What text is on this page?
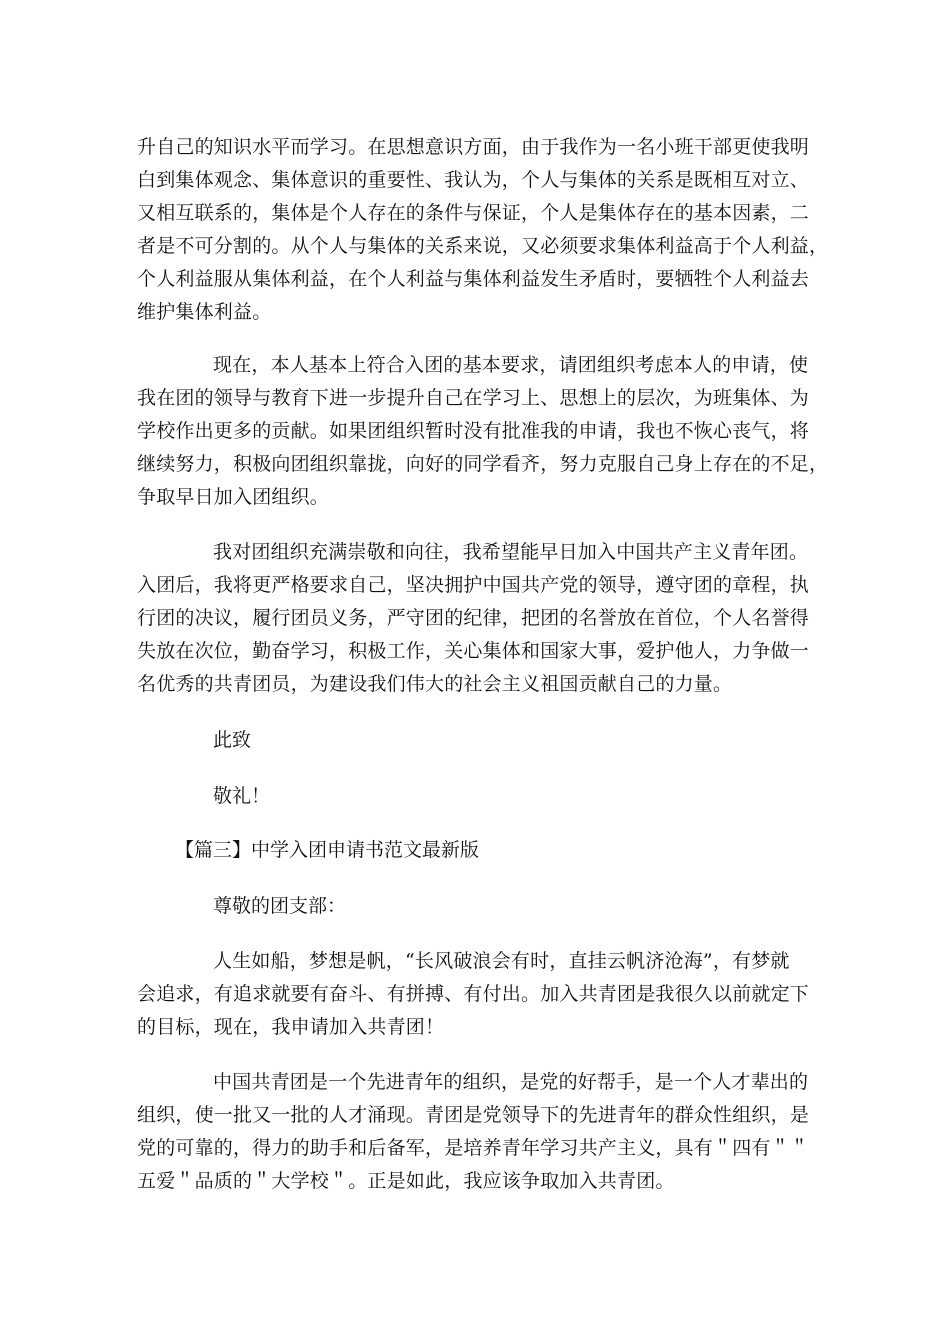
升自己的知识水平而学习。在思想意识方面，由于我作为一名小班干部更使我明
白到集体观念、集体意识的重要性、我认为，个人与集体的关系是既相互对立、
又相互联系的，集体是个人存在的条件与保证，个人是集体存在的基本因素，二
者是不可分割的。从个人与集体的关系来说，又必须要求集体利益高于个人利益，
个人利益服从集体利益，在个人利益与集体利益发生矛盾时，要牺牲个人利益去
维护集体利益。

现在，本人基本上符合入团的基本要求，请团组织考虑本人的申请，使
我在团的领导与教育下进一步提升自己在学习上、思想上的层次，为班集体、为
学校作出更多的贡献。如果团组织暂时没有批准我的申请，我也不恢心丧气，将
继续努力，积极向团组织靠拢，向好的同学看齐，努力克服自己身上存在的不足，
争取早日加入团组织。

我对团组织充满崇敬和向往，我希望能早日加入中国共产主义青年团。
入团后，我将更严格要求自己，坚决拥护中国共产党的领导，遵守团的章程，执
行团的决议，履行团员义务，严守团的纪律，把团的名誉放在首位，个人名誉得
失放在次位，勤奋学习，积极工作，关心集体和国家大事，爱护他人，力争做一
名优秀的共青团员，为建设我们伟大的社会主义祖国贡献自己的力量。

此致

敬礼！

【篇三】中学入团申请书范文最新版

尊敬的团支部：

人生如船，梦想是帆，“长风破浪会有时，直挂云帆济沧海”，有梦就
会追求，有追求就要有奋斗、有拼搏、有付出。加入共青团是我很久以前就定下
的目标，现在，我申请加入共青团！

中国共青团是一个先进青年的组织，是党的好帮手，是一个人才辈出的
组织，使一批又一批的人才涌现。青团是党领导下的先进青年的群众性组织，是
党的可靠的，得力的助手和后备军，是培养青年学习共产主义，具有＂四有＂＂
五爱＂品质的＂大学校＂。正是如此，我应该争取加入共青团。
